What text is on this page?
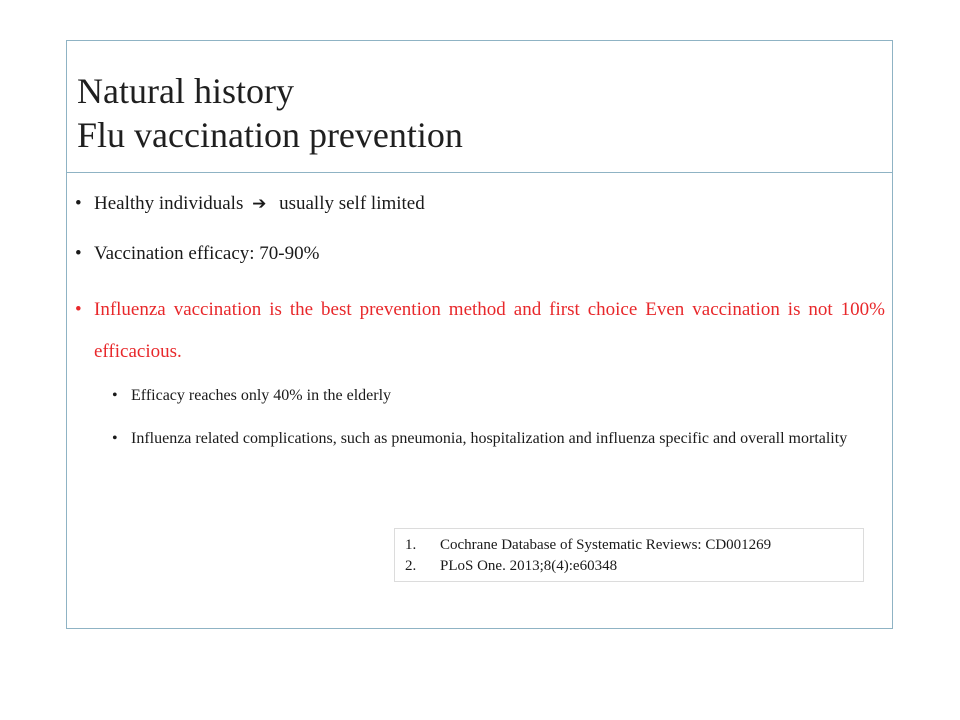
Natural history
Flu vaccination prevention
• Healthy individuals ➔ usually self limited
• Vaccination efficacy: 70-90%
• Influenza vaccination is the best prevention method and first choice Even vaccination is not 100% efficacious.
• Efficacy reaches only 40% in the elderly
• Influenza related complications, such as pneumonia, hospitalization and influenza specific and overall mortality
1. Cochrane Database of Systematic Reviews: CD001269
2. PLoS One. 2013;8(4):e60348
